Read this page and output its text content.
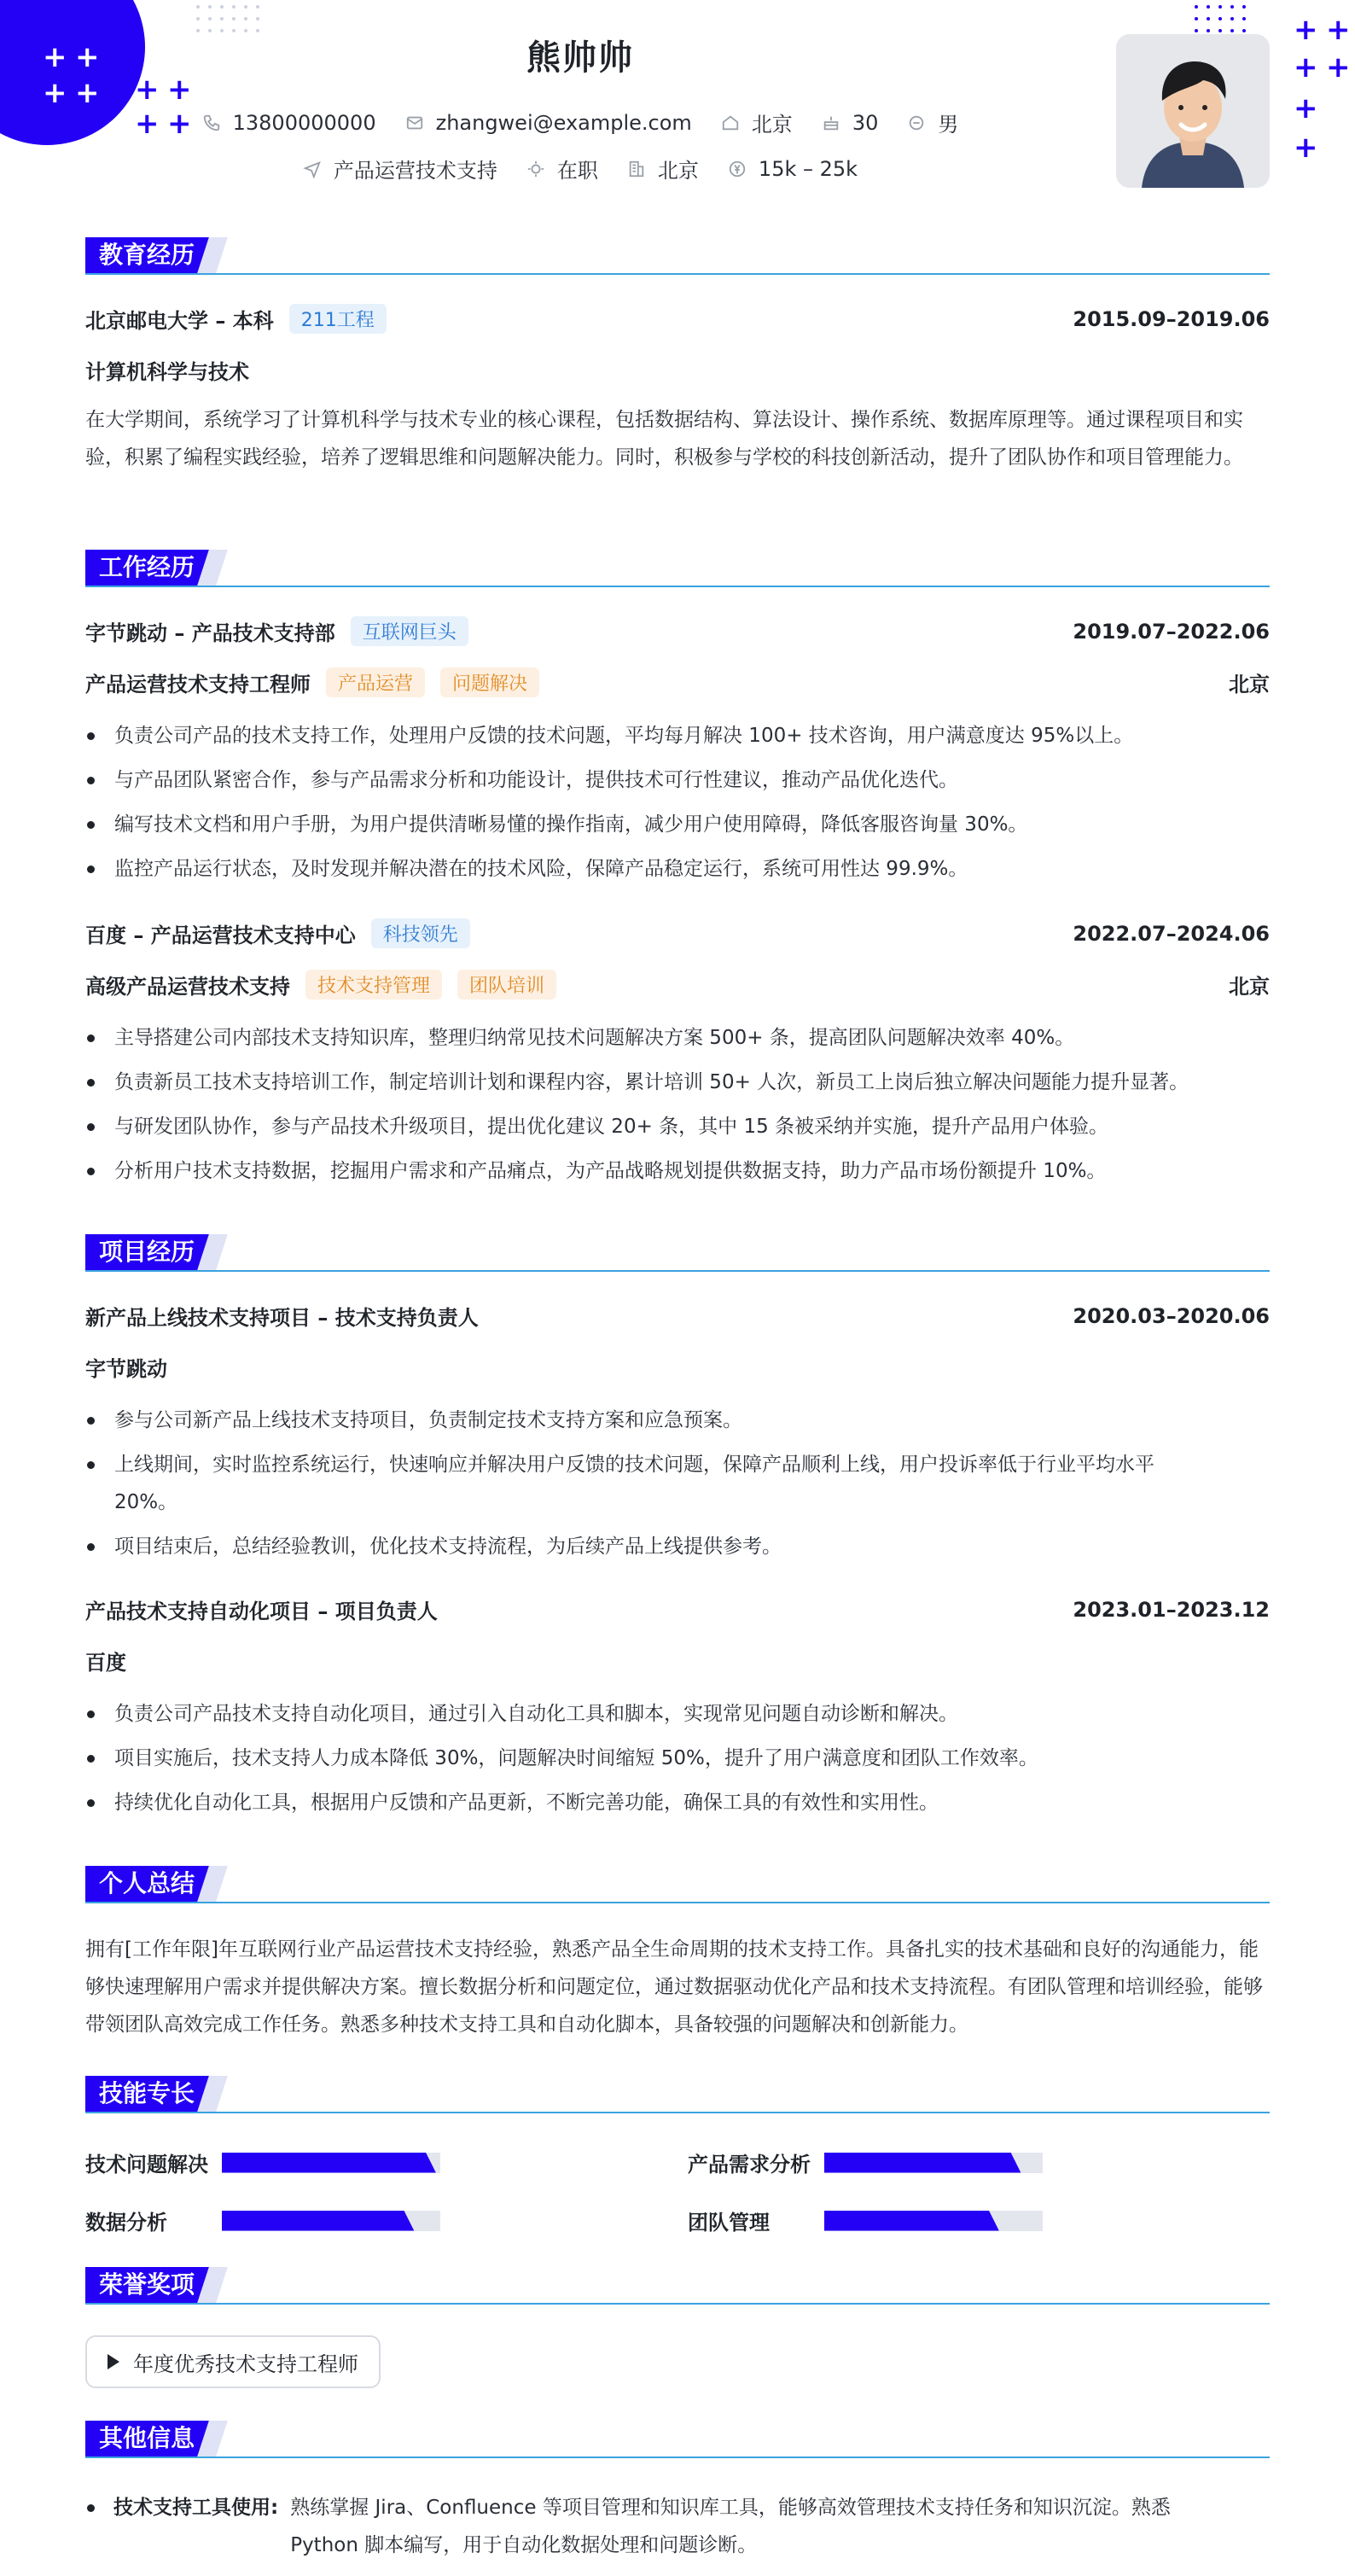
+ +
+ + + +
+ +
+ +
+ +
+
+
熊帅帅
13800000000	zhangwei@example.com	北京	30	男
产品运营技术支持	在职	北京	15k – 25k
教育经历
北京邮电大学 – 本科	211工程	2015.09–2019.06
计算机科学与技术
在大学期间，系统学习了计算机科学与技术专业的核心课程，包括数据结构、算法设计、操作系统、数据库原理等。通过课程项目和实验，积累了编程实践经验，培养了逻辑思维和问题解决能力。同时，积极参与学校的科技创新活动，提升了团队协作和项目管理能力。
工作经历
字节跳动 – 产品技术支持部	互联网巨头	2019.07–2022.06
产品运营技术支持工程师	产品运营	问题解决	北京
负责公司产品的技术支持工作，处理用户反馈的技术问题，平均每月解决 100+ 技术咨询，用户满意度达 95%以上。
与产品团队紧密合作，参与产品需求分析和功能设计，提供技术可行性建议，推动产品优化迭代。
编写技术文档和用户手册，为用户提供清晰易懂的操作指南，减少用户使用障碍，降低客服咨询量 30%。
监控产品运行状态，及时发现并解决潜在的技术风险，保障产品稳定运行，系统可用性达 99.9%。
百度 – 产品运营技术支持中心	科技领先	2022.07–2024.06
高级产品运营技术支持	技术支持管理	团队培训	北京
主导搭建公司内部技术支持知识库，整理归纳常见技术问题解决方案 500+ 条，提高团队问题解决效率 40%。
负责新员工技术支持培训工作，制定培训计划和课程内容，累计培训 50+ 人次，新员工上岗后独立解决问题能力提升显著。
与研发团队协作，参与产品技术升级项目，提出优化建议 20+ 条，其中 15 条被采纳并实施，提升产品用户体验。
分析用户技术支持数据，挖掘用户需求和产品痛点，为产品战略规划提供数据支持，助力产品市场份额提升 10%。
项目经历
新产品上线技术支持项目 – 技术支持负责人	2020.03–2020.06
字节跳动
参与公司新产品上线技术支持项目，负责制定技术支持方案和应急预案。
上线期间，实时监控系统运行，快速响应并解决用户反馈的技术问题，保障产品顺利上线，用户投诉率低于行业平均水平 20%。
项目结束后，总结经验教训，优化技术支持流程，为后续产品上线提供参考。
产品技术支持自动化项目 – 项目负责人	2023.01–2023.12
百度
负责公司产品技术支持自动化项目，通过引入自动化工具和脚本，实现常见问题自动诊断和解决。
项目实施后，技术支持人力成本降低 30%，问题解决时间缩短 50%，提升了用户满意度和团队工作效率。
持续优化自动化工具，根据用户反馈和产品更新，不断完善功能，确保工具的有效性和实用性。
个人总结
拥有[工作年限]年互联网行业产品运营技术支持经验，熟悉产品全生命周期的技术支持工作。具备扎实的技术基础和良好的沟通能力，能够快速理解用户需求并提供解决方案。擅长数据分析和问题定位，通过数据驱动优化产品和技术支持流程。有团队管理和培训经验，能够带领团队高效完成工作任务。熟悉多种技术支持工具和自动化脚本，具备较强的问题解决和创新能力。
技能专长
技术问题解决	产品需求分析
数据分析	团队管理
荣誉奖项
年度优秀技术支持工程师
其他信息
技术支持工具使用: 熟练掌握 Jira、Confluence 等项目管理和知识库工具，能够高效管理技术支持任务和知识沉淀。熟悉 Python 脚本编写，用于自动化数据处理和问题诊断。
